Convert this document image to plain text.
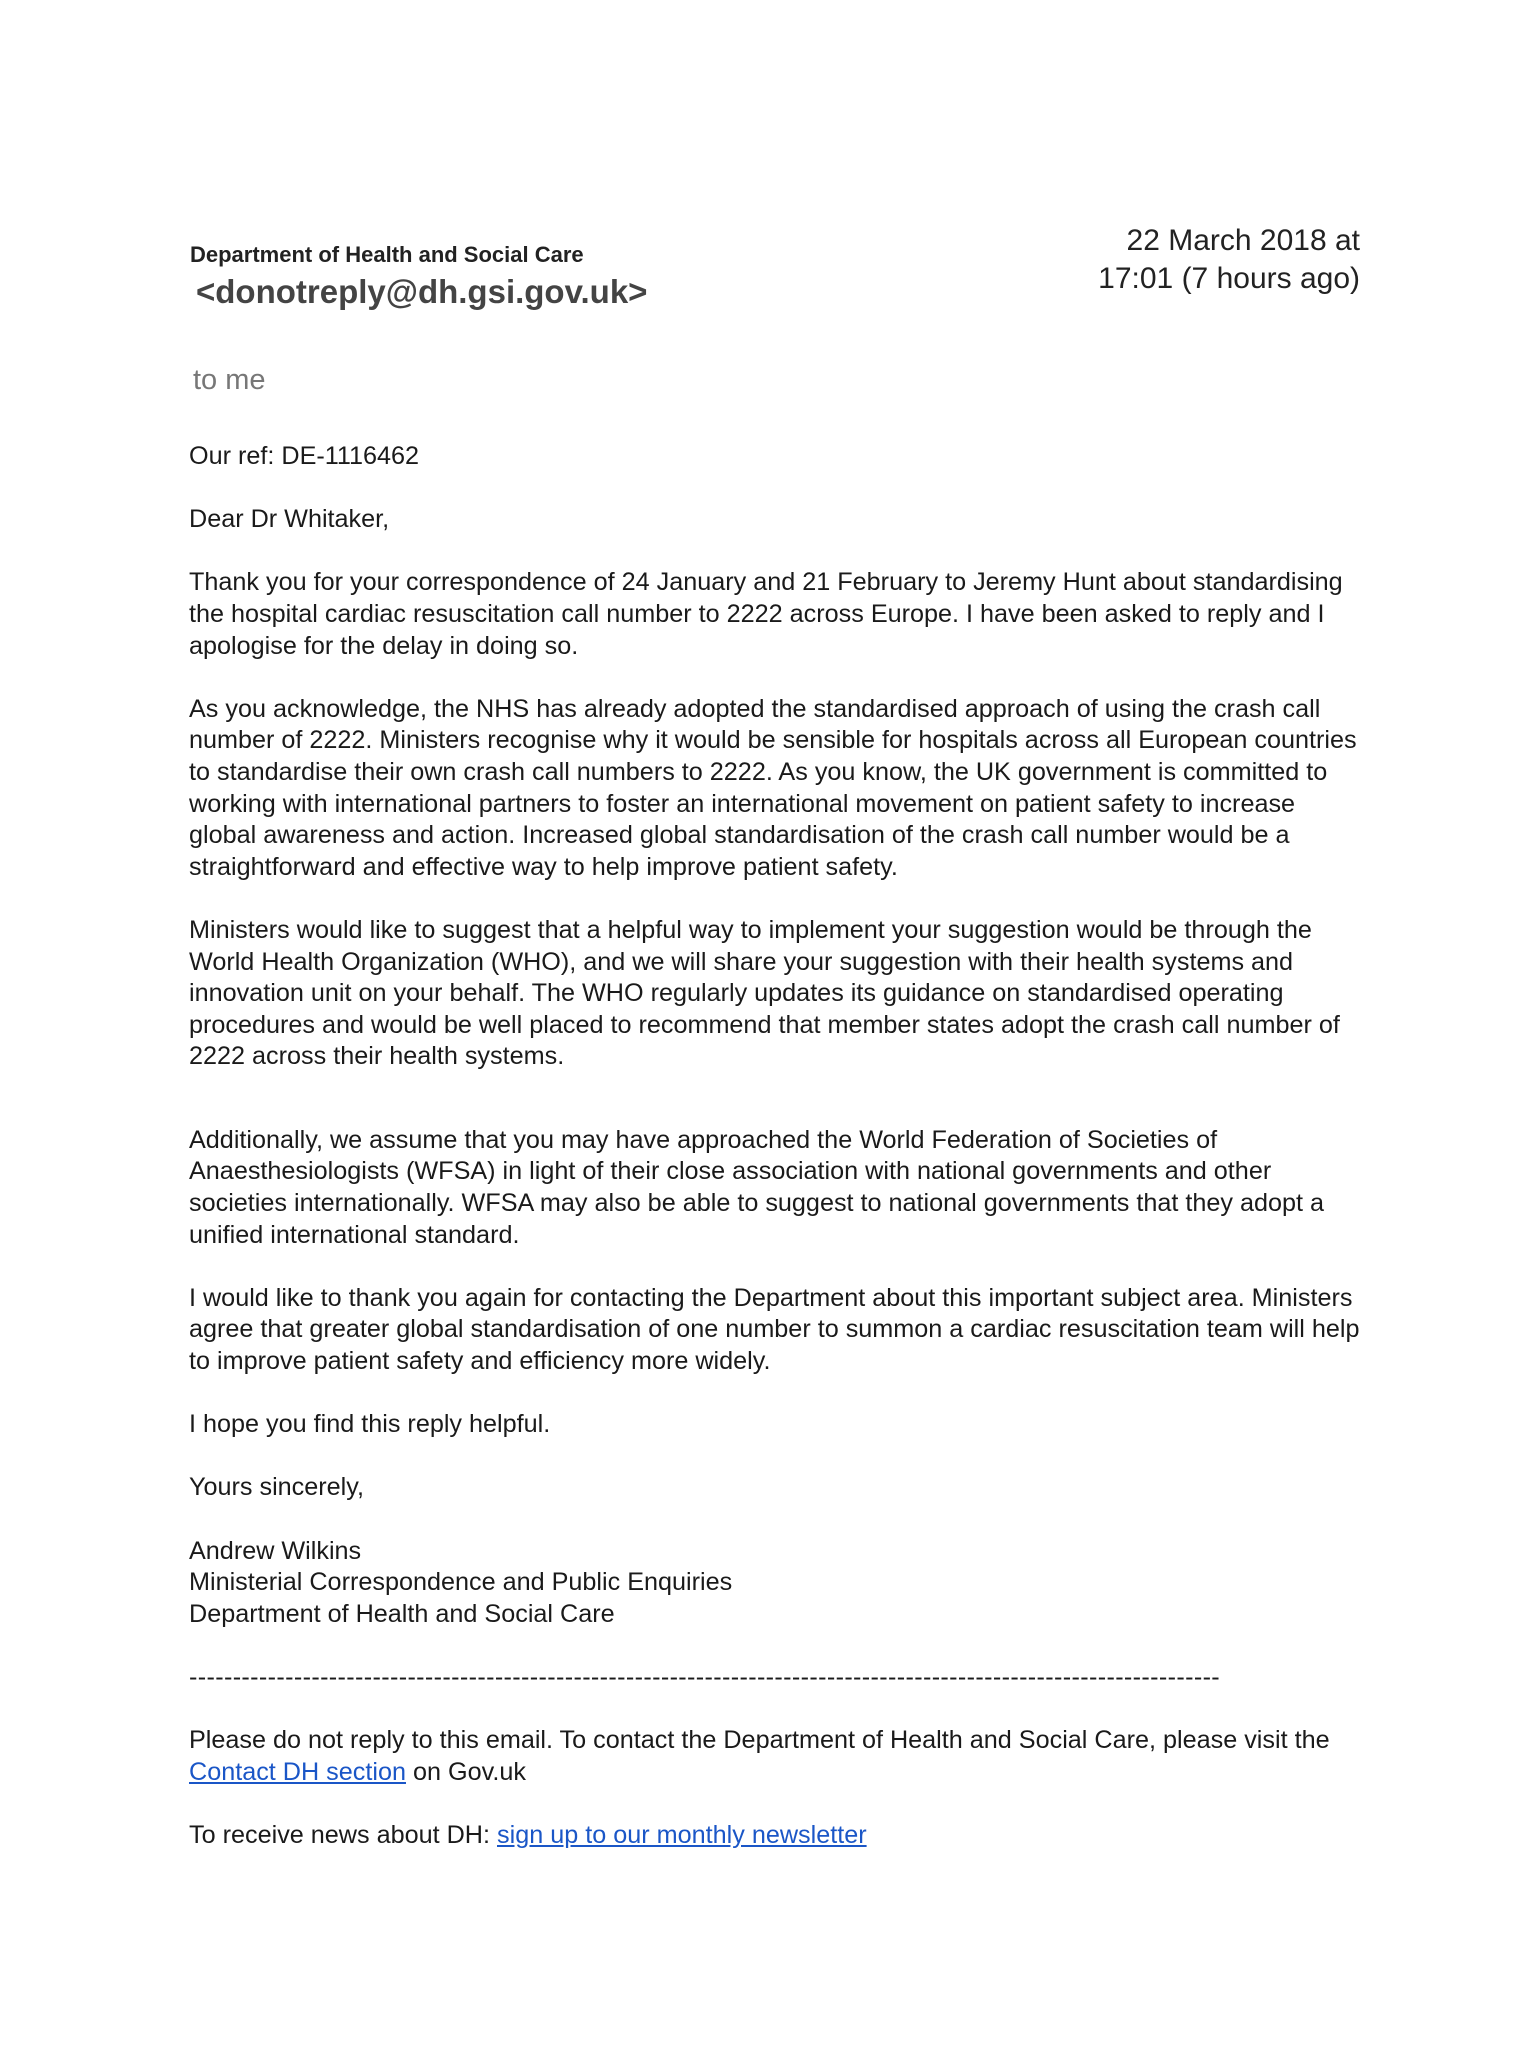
Department of Health and Social Care <donotreply@dh.gsi.gov.uk>
22 March 2018 at
17:01 (7 hours ago)
to me

Our ref: DE-1116462

Dear Dr Whitaker,

Thank you for your correspondence of 24 January and 21 February to Jeremy Hunt about standardising the hospital cardiac resuscitation call number to 2222 across Europe. I have been asked to reply and I apologise for the delay in doing so.

As you acknowledge, the NHS has already adopted the standardised approach of using the crash call number of 2222. Ministers recognise why it would be sensible for hospitals across all European countries to standardise their own crash call numbers to 2222. As you know, the UK government is committed to working with international partners to foster an international movement on patient safety to increase global awareness and action. Increased global standardisation of the crash call number would be a straightforward and effective way to help improve patient safety.

Ministers would like to suggest that a helpful way to implement your suggestion would be through the World Health Organization (WHO), and we will share your suggestion with their health systems and innovation unit on your behalf. The WHO regularly updates its guidance on standardised operating procedures and would be well placed to recommend that member states adopt the crash call number of 2222 across their health systems.

Additionally, we assume that you may have approached the World Federation of Societies of Anaesthesiologists (WFSA) in light of their close association with national governments and other societies internationally. WFSA may also be able to suggest to national governments that they adopt a unified international standard.

I would like to thank you again for contacting the Department about this important subject area. Ministers agree that greater global standardisation of one number to summon a cardiac resuscitation team will help to improve patient safety and efficiency more widely.

I hope you find this reply helpful.

Yours sincerely,

Andrew Wilkins
Ministerial Correspondence and Public Enquiries
Department of Health and Social Care
----------------------------------------------------------------------------------------------------------------------

Please do not reply to this email. To contact the Department of Health and Social Care, please visit the Contact DH section on Gov.uk

To receive news about DH: sign up to our monthly newsletter
